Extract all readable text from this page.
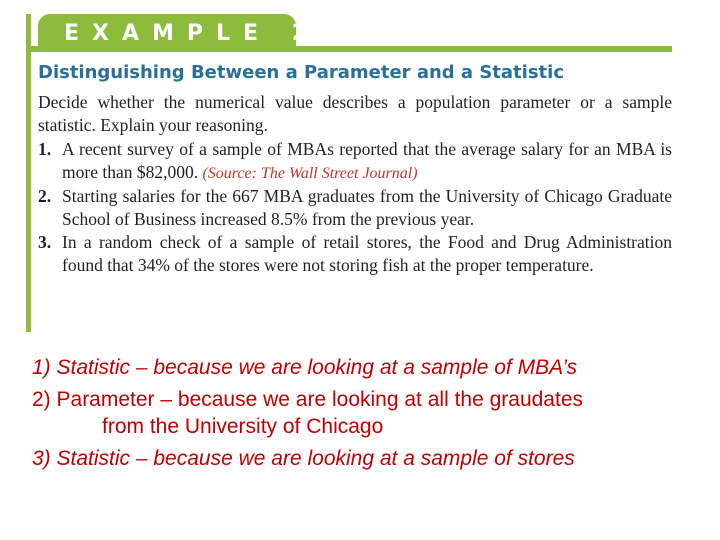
EXAMPLE 2
Distinguishing Between a Parameter and a Statistic

Decide whether the numerical value describes a population parameter or a sample statistic. Explain your reasoning.

1. A recent survey of a sample of MBAs reported that the average salary for an MBA is more than $82,000. (Source: The Wall Street Journal)
2. Starting salaries for the 667 MBA graduates from the University of Chicago Graduate School of Business increased 8.5% from the previous year.
3. In a random check of a sample of retail stores, the Food and Drug Administration found that 34% of the stores were not storing fish at the proper temperature.

1) Statistic – because we are looking at a sample of MBA’s

2) Parameter – because we are looking at all the graudates
from the University of Chicago

3) Statistic – because we are looking at a sample of stores
